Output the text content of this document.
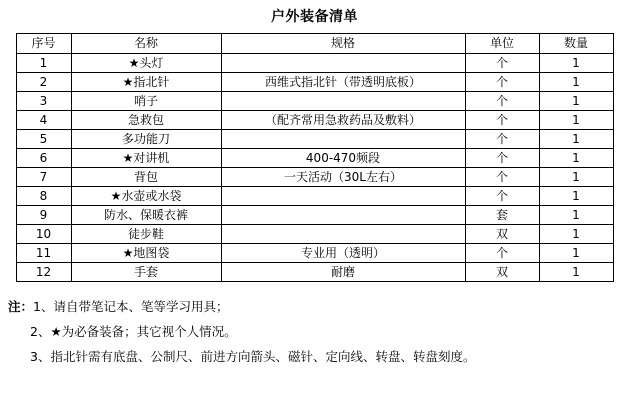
户外装备清单
序号	名称	规格	单位	数量
1	★头灯		个	1
2	★指北针	西维式指北针（带透明底板）	个	1
3	哨子		个	1
4	急救包	（配齐常用急救药品及敷料）	个	1
5	多功能刀		个	1
6	★对讲机	400-470频段	个	1
7	背包	一天活动（30L左右）	个	1
8	★水壶或水袋		个	1
9	防水、保暖衣裤		套	1
10	徒步鞋		双	1
11	★地图袋	专业用（透明）	个	1
12	手套	耐磨	双	1
注：1、请自带笔记本、笔等学习用具；
2、★为必备装备；其它视个人情况。
3、指北针需有底盘、公制尺、前进方向箭头、磁针、定向线、转盘、转盘刻度。
